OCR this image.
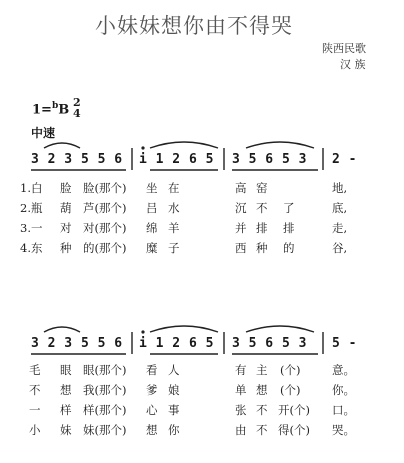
小妹妹想你由不得哭
陕西民歌
汉 族
1=$^b$B 2
4
中速
3 2 3 5 5 6 i 1 2 6 5 3 5 6 5 3 2 -
1.白 脸 脸(那个) 坐 在	高 窑	地,
2.瓶 葫 芦(那个) 吕 水	沉 不 了	底,
3.一 对 对(那个) 绵 羊	并 排 排	走,
4.东 种 的(那个) 糜 子	西 种 的	谷,
3 2 3 5 5 6 i 1 2 6 5 3 5 6 5 3 5 -
毛 眼 眼(那个) 看 人	有 主 (个)	意。
不 想 我(那个) 爹 娘	单 想 (个)	你。
一 样 样(那个) 心 事	张 不 开(个) 口。
小 妹 妹(那个) 想 你	由 不 得(个) 哭。
